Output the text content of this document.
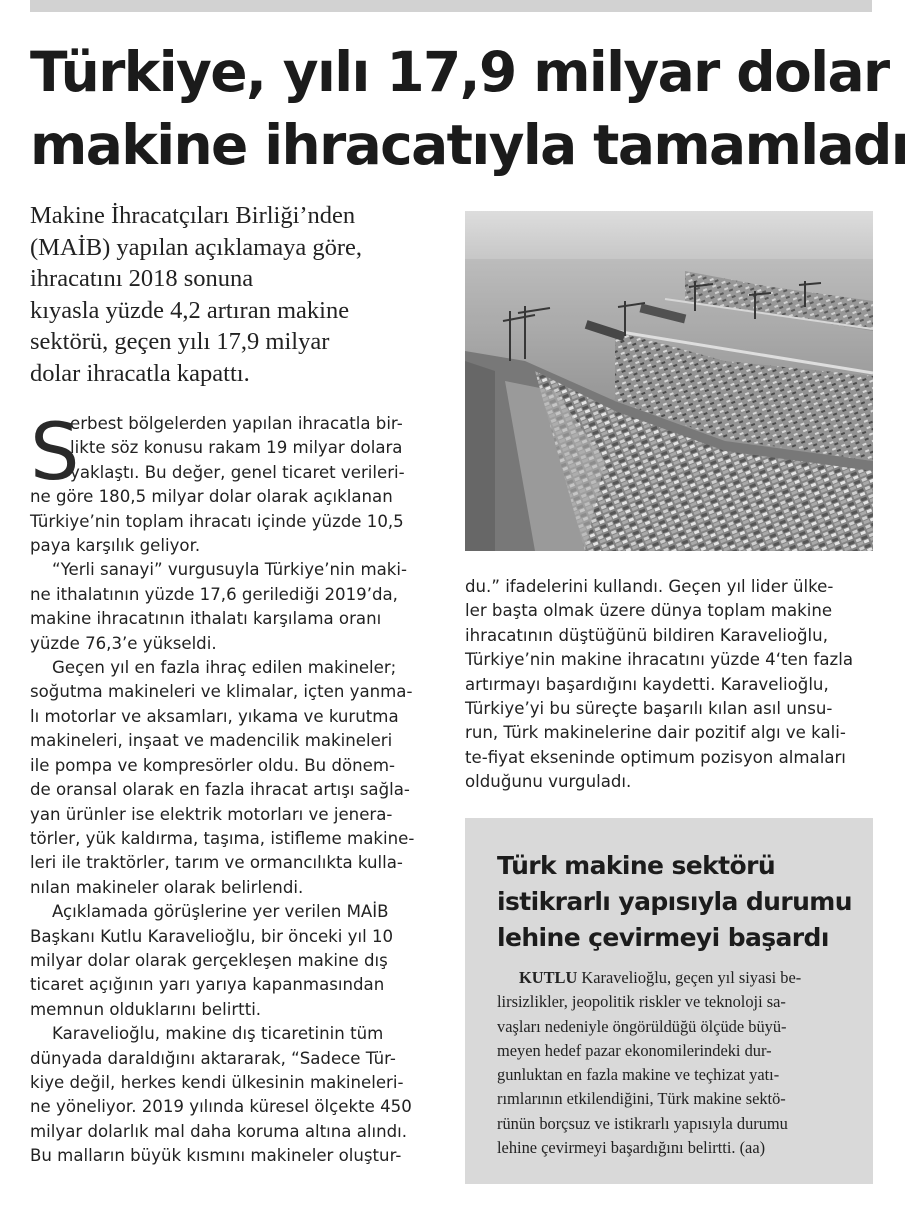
Türkiye, yılı 17,9 milyar dolar
makine ihracatıyla tamamladı
Makine İhracatçıları Birliği’nden
(MAİB) yapılan açıklamaya göre,
ihracatını 2018 sonuna
kıyasla yüzde 4,2 artıran makine
sektörü, geçen yılı 17,9 milyar
dolar ihracatla kapattı.
S
erbest bölgelerden yapılan ihracatla bir-
likte söz konusu rakam 19 milyar dolara
yaklaştı. Bu değer, genel ticaret verileri-
ne göre 180,5 milyar dolar olarak açıklanan
Türkiye’nin toplam ihracatı içinde yüzde 10,5
paya karşılık geliyor.
“Yerli sanayi” vurgusuyla Türkiye’nin maki-
ne ithalatının yüzde 17,6 gerilediği 2019’da,
makine ihracatının ithalatı karşılama oranı
yüzde 76,3’e yükseldi.
Geçen yıl en fazla ihraç edilen makineler;
soğutma makineleri ve klimalar, içten yanma-
lı motorlar ve aksamları, yıkama ve kurutma
makineleri, inşaat ve madencilik makineleri
ile pompa ve kompresörler oldu. Bu dönem-
de oransal olarak en fazla ihracat artışı sağla-
yan ürünler ise elektrik motorları ve jenera-
törler, yük kaldırma, taşıma, istifleme makine-
leri ile traktörler, tarım ve ormancılıkta kulla-
nılan makineler olarak belirlendi.
Açıklamada görüşlerine yer verilen MAİB
Başkanı Kutlu Karavelioğlu, bir önceki yıl 10
milyar dolar olarak gerçekleşen makine dış
ticaret açığının yarı yarıya kapanmasından
memnun olduklarını belirtti.
Karavelioğlu, makine dış ticaretinin tüm
dünyada daraldığını aktararak, “Sadece Tür-
kiye değil, herkes kendi ülkesinin makineleri-
ne yöneliyor. 2019 yılında küresel ölçekte 450
milyar dolarlık mal daha koruma altına alındı.
Bu malların büyük kısmını makineler oluştur-
du.” ifadelerini kullandı. Geçen yıl lider ülke-
ler başta olmak üzere dünya toplam makine
ihracatının düştüğünü bildiren Karavelioğlu,
Türkiye’nin makine ihracatını yüzde 4‘ten fazla
artırmayı başardığını kaydetti. Karavelioğlu,
Türkiye’yi bu süreçte başarılı kılan asıl unsu-
run, Türk makinelerine dair pozitif algı ve kali-
te-fiyat ekseninde optimum pozisyon almaları
olduğunu vurguladı.
Türk makine sektörü
istikrarlı yapısıyla durumu
lehine çevirmeyi başardı
KUTLU Karavelioğlu, geçen yıl siyasi be-
lirsizlikler, jeopolitik riskler ve teknoloji sa-
vaşları nedeniyle öngörüldüğü ölçüde büyü-
meyen hedef pazar ekonomilerindeki dur-
gunluktan en fazla makine ve teçhizat yatı-
rımlarının etkilendiğini, Türk makine sektö-
rünün borçsuz ve istikrarlı yapısıyla durumu
lehine çevirmeyi başardığını belirtti. (aa)
